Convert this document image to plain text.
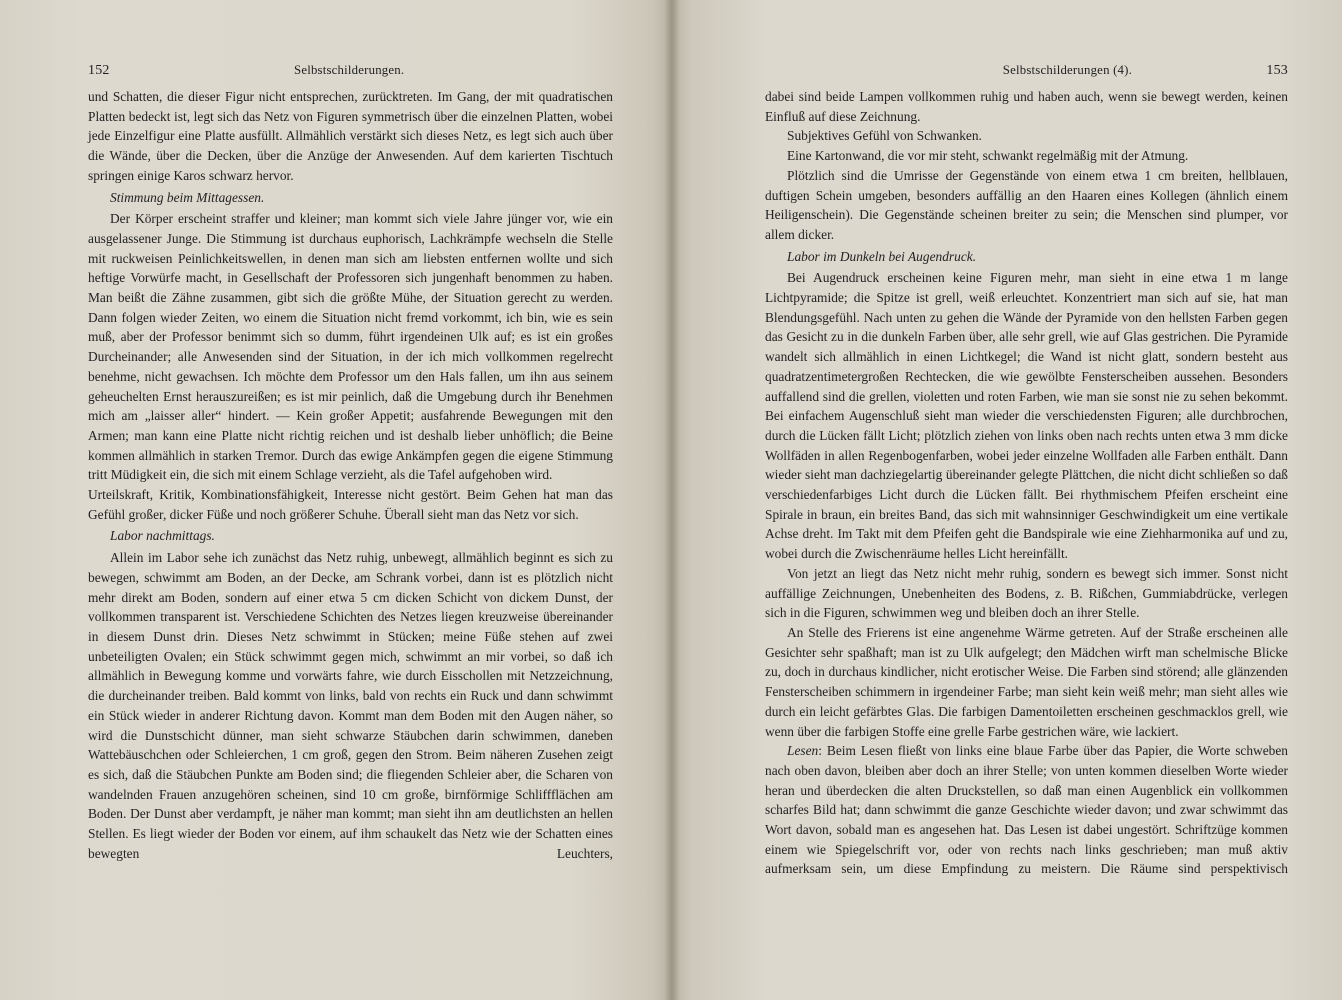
152	Selbstschilderungen.

und Schatten, die dieser Figur nicht entsprechen, zurücktreten. Im Gang, der mit quadratischen Platten bedeckt ist, legt sich das Netz von Figuren symmetrisch über die einzelnen Platten, wobei jede Einzelfigur eine Platte ausfüllt. Allmählich verstärkt sich dieses Netz, es legt sich auch über die Wände, über die Decken, über die Anzüge der Anwesenden. Auf dem karierten Tischtuch springen einige Karos schwarz hervor.

Stimmung beim Mittagessen.

Der Körper erscheint straffer und kleiner; man kommt sich viele Jahre jünger vor, wie ein ausgelassener Junge. Die Stimmung ist durchaus euphorisch, Lachkrämpfe wechseln die Stelle mit ruckweisen Peinlichkeitswellen, in denen man sich am liebsten entfernen wollte und sich heftige Vorwürfe macht, in Gesellschaft der Professoren sich jungenhaft benommen zu haben. Man beißt die Zähne zusammen, gibt sich die größte Mühe, der Situation gerecht zu werden. Dann folgen wieder Zeiten, wo einem die Situation nicht fremd vorkommt, ich bin, wie es sein muß, aber der Professor benimmt sich so dumm, führt irgendeinen Ulk auf; es ist ein großes Durcheinander; alle Anwesenden sind der Situation, in der ich mich vollkommen regelrecht benehme, nicht gewachsen. Ich möchte dem Professor um den Hals fallen, um ihn aus seinem geheuchelten Ernst herauszureißen; es ist mir peinlich, daß die Umgebung durch ihr Benehmen mich am „laisser aller“ hindert. — Kein großer Appetit; ausfahrende Bewegungen mit den Armen; man kann eine Platte nicht richtig reichen und ist deshalb lieber unhöflich; die Beine kommen allmählich in starken Tremor. Durch das ewige Ankämpfen gegen die eigene Stimmung tritt Müdigkeit ein, die sich mit einem Schlage verzieht, als die Tafel aufgehoben wird.

Urteilskraft, Kritik, Kombinationsfähigkeit, Interesse nicht gestört. Beim Gehen hat man das Gefühl großer, dicker Füße und noch größerer Schuhe. Überall sieht man das Netz vor sich.

Labor nachmittags.

Allein im Labor sehe ich zunächst das Netz ruhig, unbewegt, allmählich beginnt es sich zu bewegen, schwimmt am Boden, an der Decke, am Schrank vorbei, dann ist es plötzlich nicht mehr direkt am Boden, sondern auf einer etwa 5 cm dicken Schicht von dickem Dunst, der vollkommen transparent ist. Verschiedene Schichten des Netzes liegen kreuzweise übereinander in diesem Dunst drin. Dieses Netz schwimmt in Stücken; meine Füße stehen auf zwei unbeteiligten Ovalen; ein Stück schwimmt gegen mich, schwimmt an mir vorbei, so daß ich allmählich in Bewegung komme und vorwärts fahre, wie durch Eisschollen mit Netzzeichnung, die durcheinander treiben. Bald kommt von links, bald von rechts ein Ruck und dann schwimmt ein Stück wieder in anderer Richtung davon. Kommt man dem Boden mit den Augen näher, so wird die Dunstschicht dünner, man sieht schwarze Stäubchen darin schwimmen, daneben Wattebäuschchen oder Schleierchen, 1 cm groß, gegen den Strom. Beim näheren Zusehen zeigt es sich, daß die Stäubchen Punkte am Boden sind; die fliegenden Schleier aber, die Scharen von wandelnden Frauen anzugehören scheinen, sind 10 cm große, birnförmige Schliffflächen am Boden. Der Dunst aber verdampft, je näher man kommt; man sieht ihn am deutlichsten an hellen Stellen. Es liegt wieder der Boden vor einem, auf ihm schaukelt das Netz wie der Schatten eines bewegten Leuchters,

Selbstschilderungen (4).	153

dabei sind beide Lampen vollkommen ruhig und haben auch, wenn sie bewegt werden, keinen Einfluß auf diese Zeichnung.

Subjektives Gefühl von Schwanken.

Eine Kartonwand, die vor mir steht, schwankt regelmäßig mit der Atmung.

Plötzlich sind die Umrisse der Gegenstände von einem etwa 1 cm breiten, hellblauen, duftigen Schein umgeben, besonders auffällig an den Haaren eines Kollegen (ähnlich einem Heiligenschein). Die Gegenstände scheinen breiter zu sein; die Menschen sind plumper, vor allem dicker.

Labor im Dunkeln bei Augendruck.

Bei Augendruck erscheinen keine Figuren mehr, man sieht in eine etwa 1 m lange Lichtpyramide; die Spitze ist grell, weiß erleuchtet. Konzentriert man sich auf sie, hat man Blendungsgefühl. Nach unten zu gehen die Wände der Pyramide von den hellsten Farben gegen das Gesicht zu in die dunkeln Farben über, alle sehr grell, wie auf Glas gestrichen. Die Pyramide wandelt sich allmählich in einen Lichtkegel; die Wand ist nicht glatt, sondern besteht aus quadratzentimetergroßen Rechtecken, die wie gewölbte Fensterscheiben aussehen. Besonders auffallend sind die grellen, violetten und roten Farben, wie man sie sonst nie zu sehen bekommt. Bei einfachem Augenschluß sieht man wieder die verschiedensten Figuren; alle durchbrochen, durch die Lücken fällt Licht; plötzlich ziehen von links oben nach rechts unten etwa 3 mm dicke Wollfäden in allen Regenbogenfarben, wobei jeder einzelne Wollfaden alle Farben enthält. Dann wieder sieht man dachziegelartig übereinander gelegte Plättchen, die nicht dicht schließen so daß verschiedenfarbiges Licht durch die Lücken fällt. Bei rhythmischem Pfeifen erscheint eine Spirale in braun, ein breites Band, das sich mit wahnsinniger Geschwindigkeit um eine vertikale Achse dreht. Im Takt mit dem Pfeifen geht die Bandspirale wie eine Ziehharmonika auf und zu, wobei durch die Zwischenräume helles Licht hereinfällt.

Von jetzt an liegt das Netz nicht mehr ruhig, sondern es bewegt sich immer. Sonst nicht auffällige Zeichnungen, Unebenheiten des Bodens, z. B. Rißchen, Gummiabdrücke, verlegen sich in die Figuren, schwimmen weg und bleiben doch an ihrer Stelle.

An Stelle des Frierens ist eine angenehme Wärme getreten. Auf der Straße erscheinen alle Gesichter sehr spaßhaft; man ist zu Ulk aufgelegt; den Mädchen wirft man schelmische Blicke zu, doch in durchaus kindlicher, nicht erotischer Weise. Die Farben sind störend; alle glänzenden Fensterscheiben schimmern in irgendeiner Farbe; man sieht kein weiß mehr; man sieht alles wie durch ein leicht gefärbtes Glas. Die farbigen Damentoiletten erscheinen geschmacklos grell, wie wenn über die farbigen Stoffe eine grelle Farbe gestrichen wäre, wie lackiert.

Lesen: Beim Lesen fließt von links eine blaue Farbe über das Papier, die Worte schweben nach oben davon, bleiben aber doch an ihrer Stelle; von unten kommen dieselben Worte wieder heran und überdecken die alten Druckstellen, so daß man einen Augenblick ein vollkommen scharfes Bild hat; dann schwimmt die ganze Geschichte wieder davon; und zwar schwimmt das Wort davon, sobald man es angesehen hat. Das Lesen ist dabei ungestört. Schriftzüge kommen einem wie Spiegelschrift vor, oder von rechts nach links geschrieben; man muß aktiv aufmerksam sein, um diese Empfindung zu meistern. Die Räume sind perspektivisch
